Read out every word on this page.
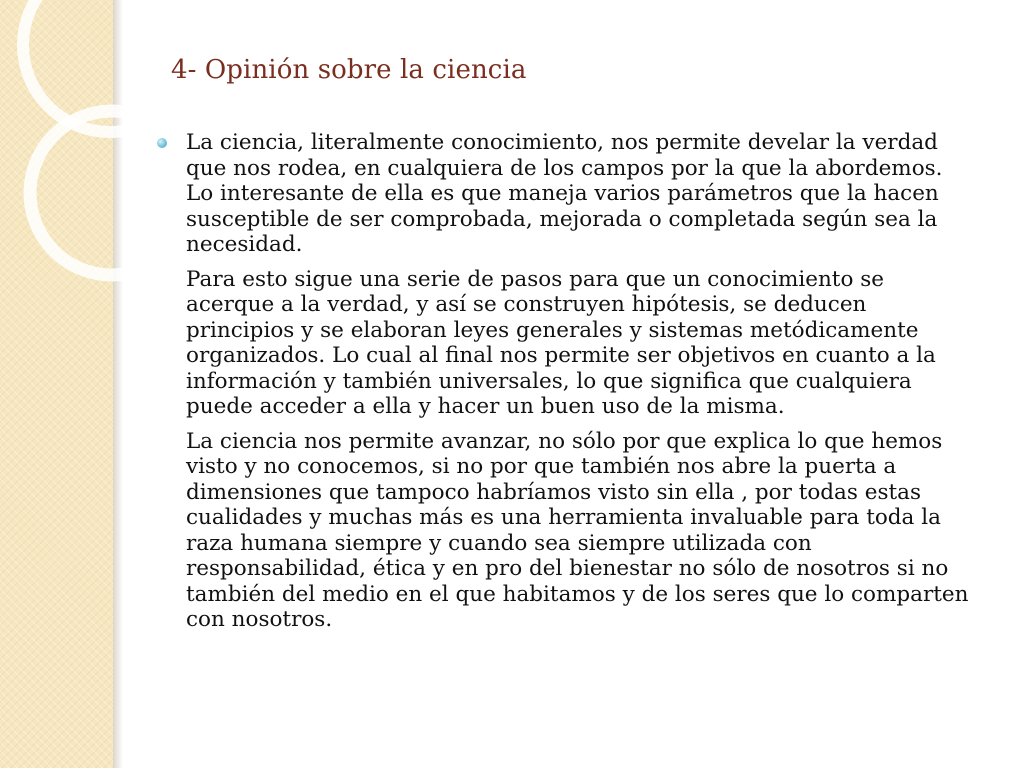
4- Opinión sobre la ciencia

La ciencia, literalmente conocimiento, nos permite develar la verdad que nos rodea, en cualquiera de los campos por la que la abordemos. Lo interesante de ella es que maneja varios parámetros que la hacen susceptible de ser comprobada, mejorada o completada según sea la necesidad.

Para esto sigue una serie de pasos para que un conocimiento se acerque a la verdad, y así se construyen hipótesis, se deducen principios y se elaboran leyes generales y sistemas metódicamente organizados. Lo cual al final nos permite ser objetivos en cuanto a la información y también universales, lo que significa que cualquiera puede acceder a ella y hacer un buen uso de la misma.

La ciencia nos permite avanzar, no sólo por que explica lo que hemos visto y no conocemos, si no por que también nos abre la puerta a dimensiones que tampoco habríamos visto sin ella , por todas estas cualidades y muchas más es una herramienta invaluable para toda la raza humana siempre y cuando sea siempre utilizada con responsabilidad, ética y en pro del bienestar no sólo de nosotros si no también del medio en el que habitamos y de los seres que lo comparten con nosotros.
